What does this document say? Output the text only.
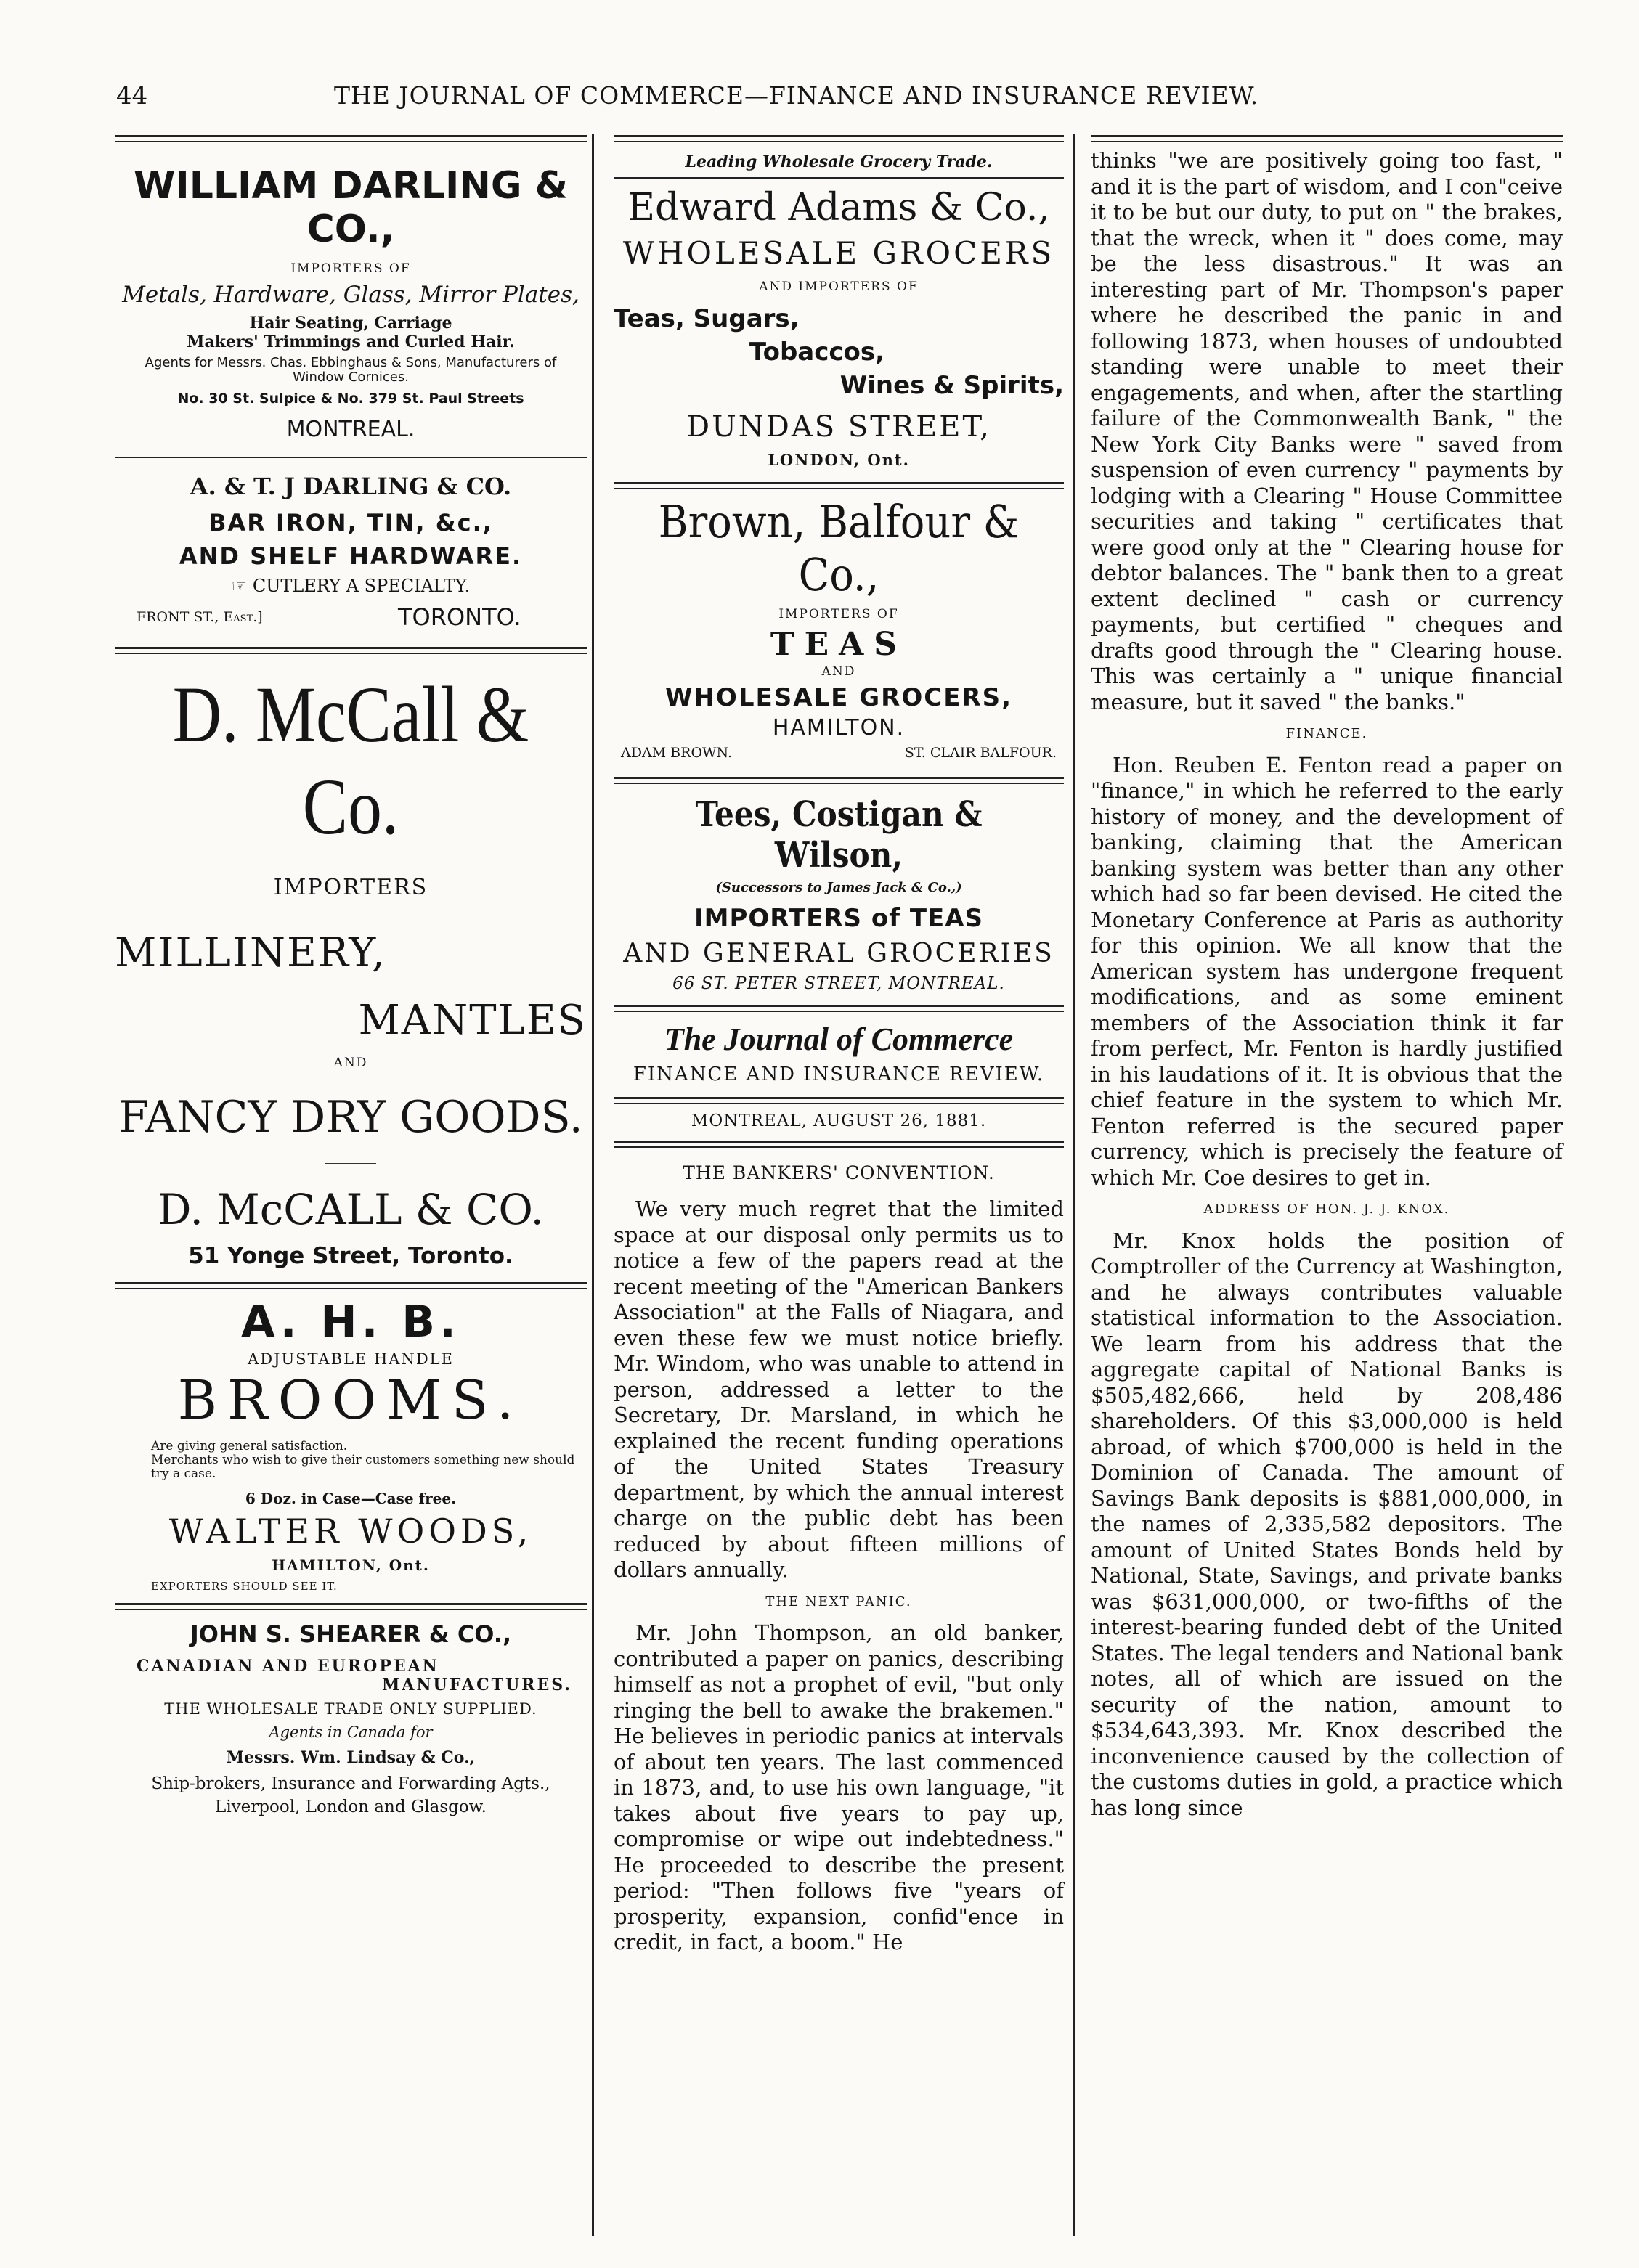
44	THE JOURNAL OF COMMERCE—FINANCE AND INSURANCE REVIEW.
WILLIAM DARLING & CO.,
IMPORTERS OF
Metals, Hardware, Glass, Mirror Plates,
Hair Seating, Carriage
Makers' Trimmings and Curled Hair.
Agents for Messrs. Chas. Ebbinghaus & Sons, Manufacturers of Window Cornices.
No. 30 St. Sulpice & No. 379 St. Paul Streets
MONTREAL.
A. & T. J DARLING & CO.
BAR IRON, TIN, &c.,
AND SHELF HARDWARE.
☞ CUTLERY A SPECIALTY.
FRONT ST., East.]	TORONTO.
D. McCall & Co.
IMPORTERS
MILLINERY,
MANTLES
AND
FANCY DRY GOODS.
D. McCALL & CO.
51 Yonge Street, Toronto.
A. H. B.
ADJUSTABLE HANDLE
BROOMS.
Are giving general satisfaction.
Merchants who wish to give their customers something new should try a case.
6 Doz. in Case—Case free.
WALTER WOODS,
HAMILTON, Ont.
EXPORTERS SHOULD SEE IT.
JOHN S. SHEARER & CO.,
CANADIAN AND EUROPEAN
MANUFACTURES.
THE WHOLESALE TRADE ONLY SUPPLIED.
Agents in Canada for
Messrs. Wm. Lindsay & Co.,
Ship-brokers, Insurance and Forwarding Agts.,
Liverpool, London and Glasgow.
Leading Wholesale Grocery Trade.
Edward Adams & Co.,
WHOLESALE GROCERS
AND IMPORTERS OF
Teas, Sugars,
Tobaccos,
Wines & Spirits,
DUNDAS STREET,
LONDON, Ont.
Brown, Balfour & Co.,
IMPORTERS OF
TEAS
AND
WHOLESALE GROCERS,
HAMILTON.
ADAM BROWN.	ST. CLAIR BALFOUR.
Tees, Costigan & Wilson,
(Successors to James Jack & Co.,)
IMPORTERS of TEAS
AND GENERAL GROCERIES
66 ST. PETER STREET, MONTREAL.
The Journal of Commerce
FINANCE AND INSURANCE REVIEW.
MONTREAL, AUGUST 26, 1881.
THE BANKERS' CONVENTION.

We very much regret that the limited space at our disposal only permits us to notice a few of the papers read at the recent meeting of the "American Bankers Association" at the Falls of Niagara, and even these few we must notice briefly. Mr. Windom, who was unable to attend in person, addressed a letter to the Secretary, Dr. Marsland, in which he explained the recent funding operations of the United States Treasury department, by which the annual interest charge on the public debt has been reduced by about fifteen millions of dollars annually.

THE NEXT PANIC.

Mr. John Thompson, an old banker, contributed a paper on panics, describing himself as not a prophet of evil, "but only ringing the bell to awake the brakemen." He believes in periodic panics at intervals of about ten years. The last commenced in 1873, and, to use his own language, "it takes about five years to pay up, compromise or wipe out indebtedness." He proceeded to describe the present period: "Then follows five "years of prosperity, expansion, confid"ence in credit, in fact, a boom." He

thinks "we are positively going too fast, " and it is the part of wisdom, and I con"ceive it to be but our duty, to put on " the brakes, that the wreck, when it " does come, may be the less disastrous." It was an interesting part of Mr. Thompson's paper where he described the panic in and following 1873, when houses of undoubted standing were unable to meet their engagements, and when, after the startling failure of the Commonwealth Bank, " the New York City Banks were " saved from suspension of even currency " payments by lodging with a Clearing " House Committee securities and taking " certificates that were good only at the " Clearing house for debtor balances. The " bank then to a great extent declined " cash or currency payments, but certified " cheques and drafts good through the " Clearing house. This was certainly a " unique financial measure, but it saved " the banks."

FINANCE.

Hon. Reuben E. Fenton read a paper on "finance," in which he referred to the early history of money, and the development of banking, claiming that the American banking system was better than any other which had so far been devised. He cited the Monetary Conference at Paris as authority for this opinion. We all know that the American system has undergone frequent modifications, and as some eminent members of the Association think it far from perfect, Mr. Fenton is hardly justified in his laudations of it. It is obvious that the chief feature in the system to which Mr. Fenton referred is the secured paper currency, which is precisely the feature of which Mr. Coe desires to get in.

ADDRESS OF HON. J. J. KNOX.

Mr. Knox holds the position of Comptroller of the Currency at Washington, and he always contributes valuable statistical information to the Association. We learn from his address that the aggregate capital of National Banks is $505,482,666, held by 208,486 shareholders. Of this $3,000,000 is held abroad, of which $700,000 is held in the Dominion of Canada. The amount of Savings Bank deposits is $881,000,000, in the names of 2,335,582 depositors. The amount of United States Bonds held by National, State, Savings, and private banks was $631,000,000, or two-fifths of the interest-bearing funded debt of the United States. The legal tenders and National bank notes, all of which are issued on the security of the nation, amount to $534,643,393. Mr. Knox described the inconvenience caused by the collection of the customs duties in gold, a practice which has long since
